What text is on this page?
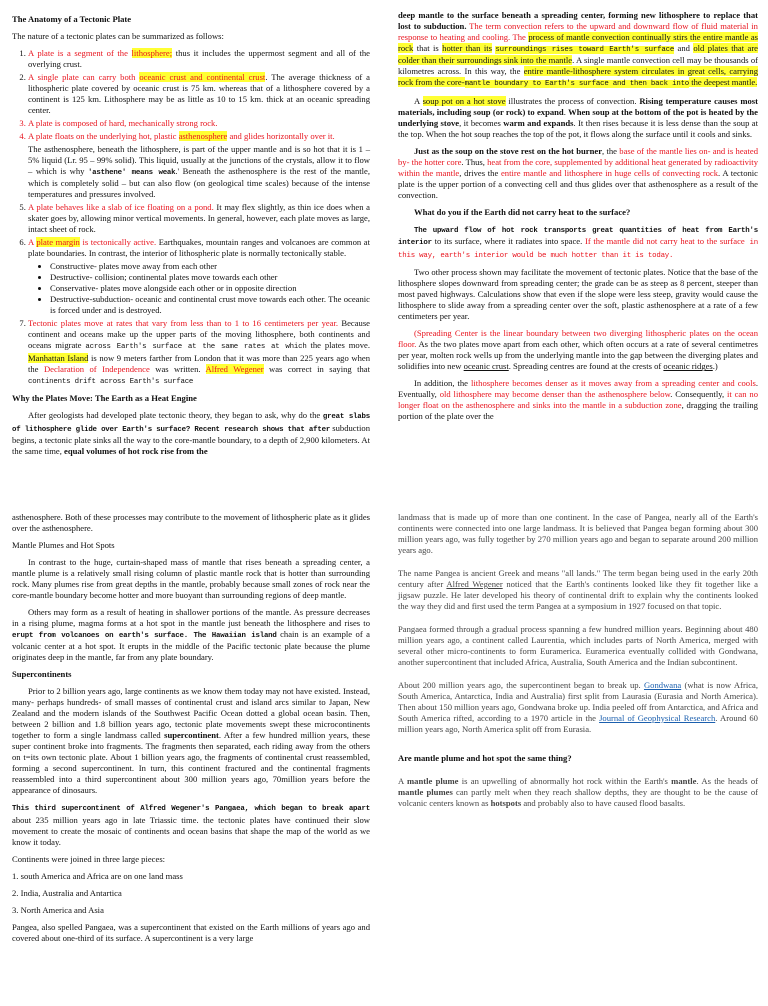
The Anatomy of a Tectonic Plate

The nature of a tectonic plates can be summarized as follows:

1. A plate is a segment of the lithosphere; thus it includes the uppermost segment and all of the overlying crust.
2. A single plate can carry both oceanic crust and continental crust. The average thickness of a lithospheric plate covered by oceanic crust is 75 km. whereas that of a lithosphere covered by a continent is 125 km. Lithosphere may be as little as 10 to 15 km. thick at an oceanic spreading center.
3. A plate is composed of hard, mechanically strong rock.
4. A plate floats on the underlying hot, plastic asthenosphere and glides horizontally over it.
The asthenosphere, beneath the lithosphere, is part of the upper mantle and is so hot that it is 1 – 5% liquid (Lr. 95 – 99% solid). This liquid, usually at the junctions of the crystals, allow it to flow – which is why 'asthene' means weak.' Beneath the asthenosphere is the rest of the mantle, which is completely solid – but can also flow (on geological time scales) because of the intense temperatures and pressures involved.
5. A plate behaves like a slab of ice floating on a pond. It may flex slightly, as thin ice does when a skater goes by, allowing minor vertical movements. In general, however, each plate moves as large, intact sheet of rock.
6. A plate margin is tectonically active. Earthquakes, mountain ranges and volcanoes are common at plate boundaries. In contrast, the interior of lithospheric plate is normally tectonically stable.
• Constructive- plates move away from each other
• Destructive- collision; continental plates move towards each other
• Conservative- plates move alongside each other or in opposite direction
• Destructive-subduction- oceanic and continental crust move towards each other. The oceanic is forced under and is destroyed.
7. Tectonic plates move at rates that vary from less than to 1 to 16 centimeters per year. Because continent and oceans make up the upper parts of the moving lithosphere, both continents and oceans migrate across Earth's surface at the same rates at which the plates move. Manhattan Island is now 9 meters farther from London that it was more than 225 years ago when the Declaration of Independence was written. Alfred Wegener was correct in saying that continents drift across Earth's surface

Why the Plates Move: The Earth as a Heat Engine

After geologists had developed plate tectonic theory, they began to ask, why do the great slabs of lithosphere glide over Earth's surface? Recent research shows that after subduction begins, a tectonic plate sinks all the way to the core-mantle boundary, to a depth of 2,900 kilometers. At the same time, equal volumes of hot rock rise from the

deep mantle to the surface beneath a spreading center, forming new lithosphere to replace that lost to subduction. The term convection refers to the upward and downward flow of fluid material in response to heating and cooling. The process of mantle convection continually stirs the entire mantle as rock that is hotter than its surroundings rises toward Earth's surface and old plates that are colder than their surroundings sink into the mantle. A single mantle convection cell may be thousands of kilometres across. In this way, the entire mantle-lithosphere system circulates in great cells, carrying rock from the core-mantle boundary to Earth's surface and then back into the deepest mantle.

A soup pot on a hot stove illustrates the process of convection. Rising temperature causes most materials, including soup (or rock) to expand. When soup at the bottom of the pot is heated by the underlying stove, it becomes warm and expands. It then rises because it is less dense than the soup at the top. When the hot soup reaches the top of the pot, it flows along the surface until it cools and sinks.

Just as the soup on the stove rest on the hot burner, the base of the mantle lies on- and is heated by- the hotter core. Thus, heat from the core, supplemented by additional heat generated by radioactivity within the mantle, drives the entire mantle and lithosphere in huge cells of convecting rock. A tectonic plate is the upper portion of a convecting cell and thus glides over that asthenosphere as a result of the convection.

What do you if the Earth did not carry heat to the surface?

The upward flow of hot rock transports great quantities of heat from Earth's interior to its surface, where it radiates into space. If the mantle did not carry heat to the surface in this way, earth's interior would be much hotter than it is today.

Two other process shown may facilitate the movement of tectonic plates. Notice that the base of the lithosphere slopes downward from spreading center; the grade can be as steep as 8 percent, steeper than most paved highways. Calculations show that even if the slope were less steep, gravity would cause the lithosphere to slide away from a spreading center over the soft, plastic asthenosphere at a rate of a few centimeters per year.

(Spreading Center is the linear boundary between two diverging lithospheric plates on the ocean floor. As the two plates move apart from each other, which often occurs at a rate of several centimetres per year, molten rock wells up from the underlying mantle into the gap between the diverging plates and solidifies into new oceanic crust. Spreading centres are found at the crests of oceanic ridges.)

In addition, the lithosphere becomes denser as it moves away from a spreading center and cools. Eventually, old lithosphere may become denser than the asthenosphere below. Consequently, it can no longer float on the asthenosphere and sinks into the mantle in a subduction zone, dragging the trailing portion of the plate over the

asthenosphere. Both of these processes may contribute to the movement of lithospheric plate as it glides over the asthenosphere.

Mantle Plumes and Hot Spots

In contrast to the huge, curtain-shaped mass of mantle that rises beneath a spreading center, a mantle plume is a relatively small rising column of plastic mantle rock that is hotter than surrounding rock. Many plumes rise from great depths in the mantle, probably because small zones of rock near the core-mantle boundary become hotter and more buoyant than surrounding regions of deep mantle.

Others may form as a result of heating in shallower portions of the mantle. As pressure decreases in a rising plume, magma forms at a hot spot in the mantle just beneath the lithosphere and rises to erupt from volcanoes on earth's surface. The Hawaiian island chain is an example of a volcanic center at a hot spot. It erupts in the middle of the Pacific tectonic plate because the plume originates deep in the mantle, far from any plate boundary.

Supercontinents

Prior to 2 billion years ago, large continents as we know them today may not have existed. Instead, many- perhaps hundreds- of small masses of continental crust and island arcs similar to Japan, New Zealand and the modern islands of the Southwest Pacific Ocean dotted a global ocean basin. Then, between 2 billion and 1.8 billion years ago, tectonic plate movements swept these microcontinents together to form a single landmass called supercontinent. After a few hundred million years, these super continent broke into fragments. The fragments then separated, each riding away from the others on t=its own tectonic plate. About 1 billion years ago, the fragments of continental crust reassembled, forming a second supercontinent. In turn, this continent fractured and the continental fragments reassembled into a third supercontinent about 300 million years ago, 70million years before the appearance of dinosaurs.

This third supercontinent of Alfred Wegener's Pangaea, which began to break apart about 235 million years ago in late Triassic time. the tectonic plates have continued their slow movement to create the mosaic of continents and ocean basins that shape the map of the world as we know it today.

Continents were joined in three large pieces:

1. south America and Africa are on one land mass

2. India, Australia and Antartica

3. North America and Asia

Pangea, also spelled Pangaea, was a supercontinent that existed on the Earth millions of years ago and covered about one-third of its surface. A supercontinent is a very large

landmass that is made up of more than one continent. In the case of Pangea, nearly all of the Earth's continents were connected into one large landmass. It is believed that Pangea began forming about 300 million years ago, was fully together by 270 million years ago and began to separate around 200 million years ago.

The name Pangea is ancient Greek and means "all lands." The term began being used in the early 20th century after Alfred Wegener noticed that the Earth's continents looked like they fit together like a jigsaw puzzle. He later developed his theory of continental drift to explain why the continents looked the way they did and first used the term Pangea at a symposium in 1927 focused on that topic.

Pangaea formed through a gradual process spanning a few hundred million years. Beginning about 480 million years ago, a continent called Laurentia, which includes parts of North America, merged with several other micro-continents to form Euramerica. Euramerica eventually collided with Gondwana, another supercontinent that included Africa, Australia, South America and the Indian subcontinent.

About 200 million years ago, the supercontinent began to break up. Gondwana (what is now Africa, South America, Antarctica, India and Australia) first split from Laurasia (Eurasia and North America). Then about 150 million years ago, Gondwana broke up. India peeled off from Antarctica, and Africa and South America rifted, according to a 1970 article in the Journal of Geophysical Research. Around 60 million years ago, North America split off from Eurasia.

Are mantle plume and hot spot the same thing?

A mantle plume is an upwelling of abnormally hot rock within the Earth's mantle. As the heads of mantle plumes can partly melt when they reach shallow depths, they are thought to be the cause of volcanic centers known as hotspots and probably also to have caused flood basalts.
